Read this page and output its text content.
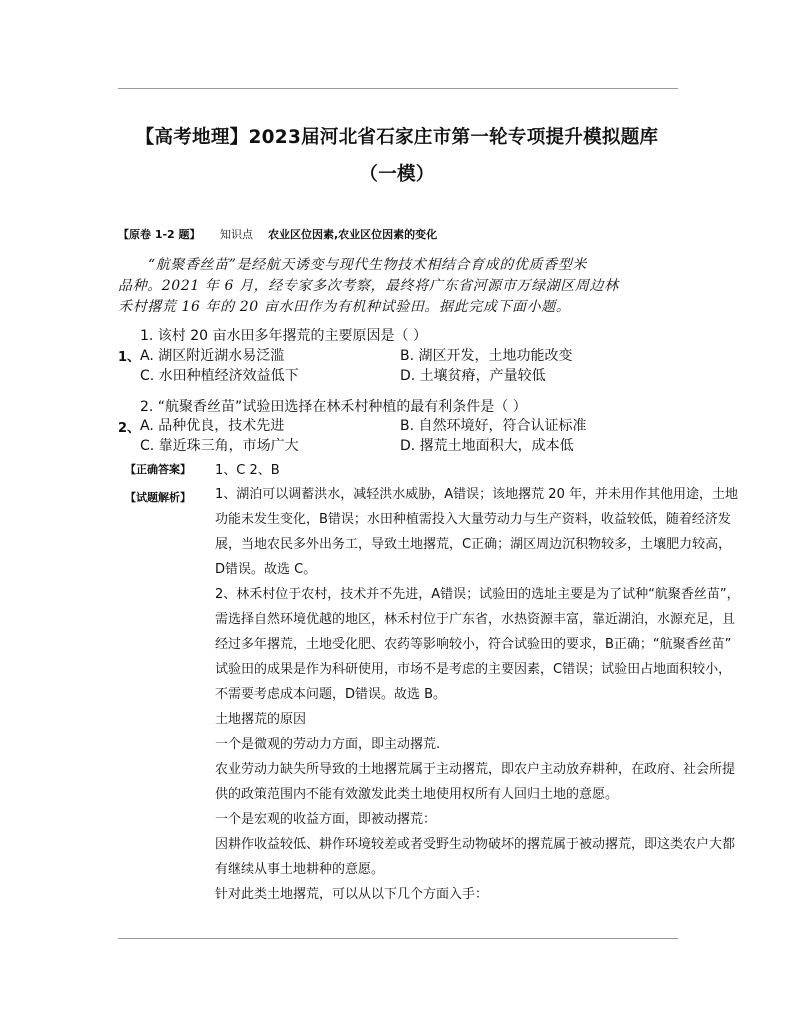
【高考地理】2023届河北省石家庄市第一轮专项提升模拟题库
（一模）
【原卷 1-2 题】 知识点 农业区位因素,农业区位因素的变化
“航聚香丝苗”是经航天诱变与现代生物技术相结合育成的优质香型米
品种。2021 年 6 月，经专家多次考察，最终将广东省河源市万绿湖区周边林
禾村撂荒 16 年的 20 亩水田作为有机种试验田。据此完成下面小题。
1. 该村 20 亩水田多年撂荒的主要原因是（ ）
1、 A. 湖区附近湖水易泛滥	B. 湖区开发，土地功能改变
C. 水田种植经济效益低下	D. 土壤贫瘠，产量较低
2. “航聚香丝苗”试验田选择在林禾村种植的最有利条件是（ ）
2、 A. 品种优良，技术先进	B. 自然环境好，符合认证标准
C. 靠近珠三角，市场广大	D. 撂荒土地面积大，成本低
【正确答案】 1、C 2、B
【试题解析】 1、湖泊可以调蓄洪水，减轻洪水威胁，A错误；该地撂荒 20 年，并未用作其他用途，土地
功能未发生变化，B错误；水田种植需投入大量劳动力与生产资料，收益较低，随着经济发
展，当地农民多外出务工，导致土地撂荒，C正确；湖区周边沉积物较多，土壤肥力较高，
D错误。故选 C。
2、林禾村位于农村，技术并不先进，A错误；试验田的选址主要是为了试种“航聚香丝苗”，
需选择自然环境优越的地区，林禾村位于广东省，水热资源丰富，靠近湖泊，水源充足，且
经过多年撂荒，土地受化肥、农药等影响较小，符合试验田的要求，B正确；“航聚香丝苗”
试验田的成果是作为科研使用，市场不是考虑的主要因素，C错误；试验田占地面积较小，
不需要考虑成本问题，D错误。故选 B。
土地撂荒的原因
一个是微观的劳动力方面，即主动撂荒.
农业劳动力缺失所导致的土地撂荒属于主动撂荒，即农户主动放弃耕种，在政府、社会所提
供的政策范围内不能有效激发此类土地使用权所有人回归土地的意愿。
一个是宏观的收益方面，即被动撂荒：
因耕作收益较低、耕作环境较差或者受野生动物破坏的撂荒属于被动撂荒，即这类农户大都
有继续从事土地耕种的意愿。
针对此类土地撂荒，可以从以下几个方面入手：
